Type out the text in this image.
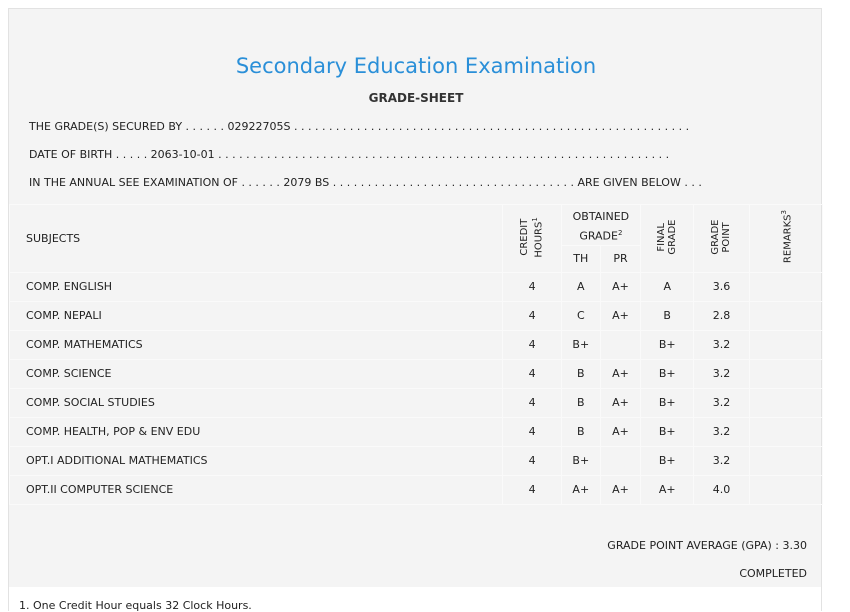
Secondary Education Examination
GRADE-SHEET
THE GRADE(S) SECURED BY . . . . . . 02922705S . . . . . . . . . . . . . . . . . . . . . . . . . . . . . . . . . . . . . . . . . . . . . . . . . . . . . . . . .
DATE OF BIRTH . . . . . 2063-10-01 . . . . . . . . . . . . . . . . . . . . . . . . . . . . . . . . . . . . . . . . . . . . . . . . . . . . . . . . . . . . . . . . .
IN THE ANNUAL SEE EXAMINATION OF . . . . . . 2079 BS . . . . . . . . . . . . . . . . . . . . . . . . . . . . . . . . . . . ARE GIVEN BELOW . . .
SUBJECTS	CREDIT HOURS$^1$	OBTAINED GRADE$^2$		FINAL GRADE	GRADE POINT	REMARKS$^3$
		TH	PR			
COMP. ENGLISH	4	A	A+	A	3.6	
COMP. NEPALI	4	C	A+	B	2.8	
COMP. MATHEMATICS	4	B+		B+	3.2	
COMP. SCIENCE	4	B	A+	B+	3.2	
COMP. SOCIAL STUDIES	4	B	A+	B+	3.2	
COMP. HEALTH, POP & ENV EDU	4	B	A+	B+	3.2	
OPT.I ADDITIONAL MATHEMATICS	4	B+		B+	3.2	
OPT.II COMPUTER SCIENCE	4	A+	A+	A+	4.0	
GRADE POINT AVERAGE (GPA) : 3.30
COMPLETED
1. One Credit Hour equals 32 Clock Hours.
